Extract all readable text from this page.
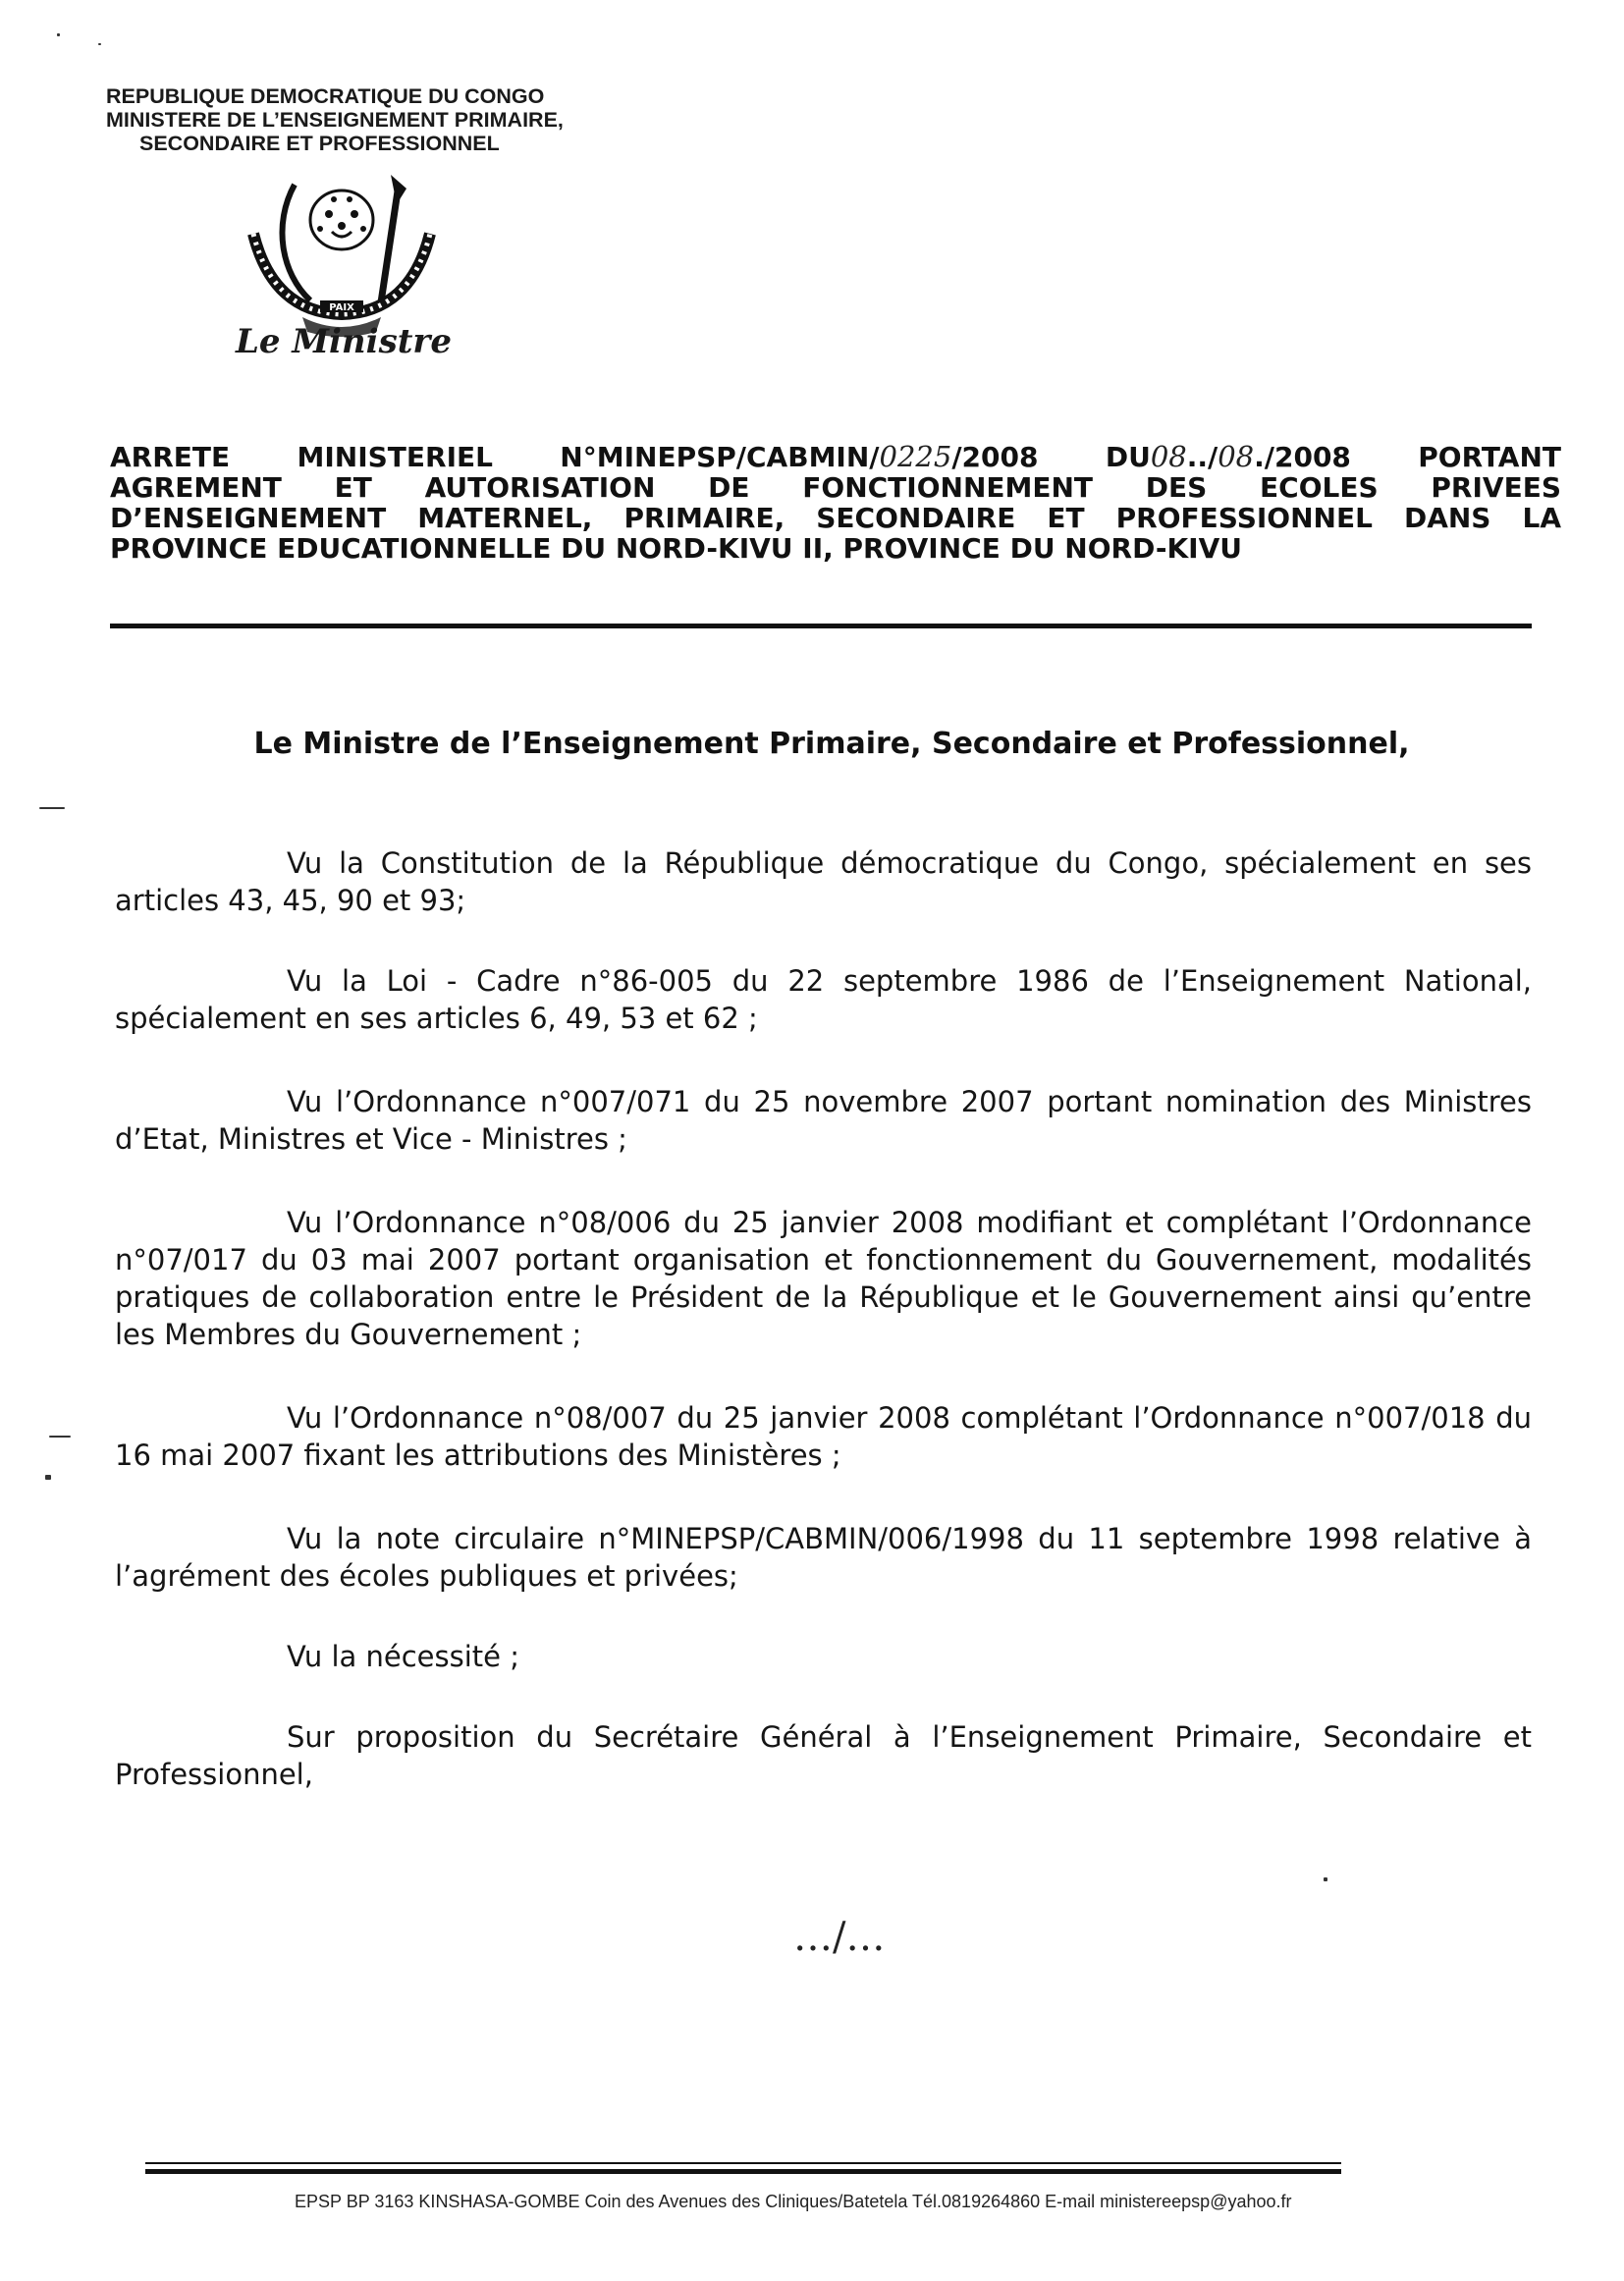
REPUBLIQUE DEMOCRATIQUE DU CONGO
MINISTERE DE L’ENSEIGNEMENT PRIMAIRE,
SECONDAIRE ET PROFESSIONNEL
PAIX
Le Ministre
ARRETE MINISTERIEL N°MINEPSP/CABMIN/0225/2008 DU08../08./2008 PORTANT
AGREMENT ET AUTORISATION DE FONCTIONNEMENT DES ECOLES PRIVEES
D’ENSEIGNEMENT MATERNEL, PRIMAIRE, SECONDAIRE ET PROFESSIONNEL DANS LA
PROVINCE EDUCATIONNELLE DU NORD-KIVU II, PROVINCE DU NORD-KIVU
Le Ministre de l’Enseignement Primaire, Secondaire et Professionnel,

Vu la Constitution de la République démocratique du Congo, spécialement en ses articles 43, 45, 90 et 93;

Vu la Loi - Cadre n°86-005 du 22 septembre 1986 de l’Enseignement National, spécialement en ses articles 6, 49, 53 et 62 ;

Vu l’Ordonnance n°007/071 du 25 novembre 2007 portant nomination des Ministres d’Etat, Ministres et Vice - Ministres ;

Vu l’Ordonnance n°08/006 du 25 janvier 2008 modifiant et complétant l’Ordonnance n°07/017 du 03 mai 2007 portant organisation et fonctionnement du Gouvernement, modalités pratiques de collaboration entre le Président de la République et le Gouvernement ainsi qu’entre les Membres du Gouvernement ;

Vu l’Ordonnance n°08/007 du 25 janvier 2008 complétant l’Ordonnance n°007/018 du 16 mai 2007 fixant les attributions des Ministères ;

Vu la note circulaire n°MINEPSP/CABMIN/006/1998 du 11 septembre 1998 relative à l’agrément des écoles publiques et privées;

Vu la nécessité ;

Sur proposition du Secrétaire Général à l’Enseignement Primaire, Secondaire et Professionnel,

…/…
EPSP BP 3163 KINSHASA-GOMBE Coin des Avenues des Cliniques/Batetela Tél.0819264860 E-mail ministereepsp@yahoo.fr
